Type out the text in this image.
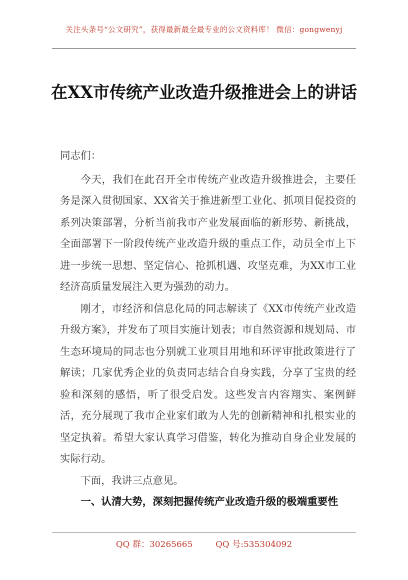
关注头条号“公文研究”，获得最新最全最专业的公文资料库！ 微信：gongwenyj
在XX市传统产业改造升级推进会上的讲话

同志们：

今天，我们在此召开全市传统产业改造升级推进会，主要任务是深入贯彻国家、XX省关于推进新型工业化、抓项目促投资的系列决策部署，分析当前我市产业发展面临的新形势、新挑战，全面部署下一阶段传统产业改造升级的重点工作，动员全市上下进一步统一思想、坚定信心、抢抓机遇、攻坚克难，为XX市工业经济高质量发展注入更为强劲的动力。

刚才，市经济和信息化局的同志解读了《XX市传统产业改造升级方案》，并发布了项目实施计划表；市自然资源和规划局、市生态环境局的同志也分别就工业项目用地和环评审批政策进行了解读；几家优秀企业的负责同志结合自身实践，分享了宝贵的经验和深刻的感悟，听了很受启发。这些发言内容翔实、案例鲜活，充分展现了我市企业家们敢为人先的创新精神和扎根实业的坚定执着。希望大家认真学习借鉴，转化为推动自身企业发展的实际行动。

下面，我讲三点意见。

一、认清大势，深刻把握传统产业改造升级的极端重要性

QQ 群：30265665	QQ 号:535304092
